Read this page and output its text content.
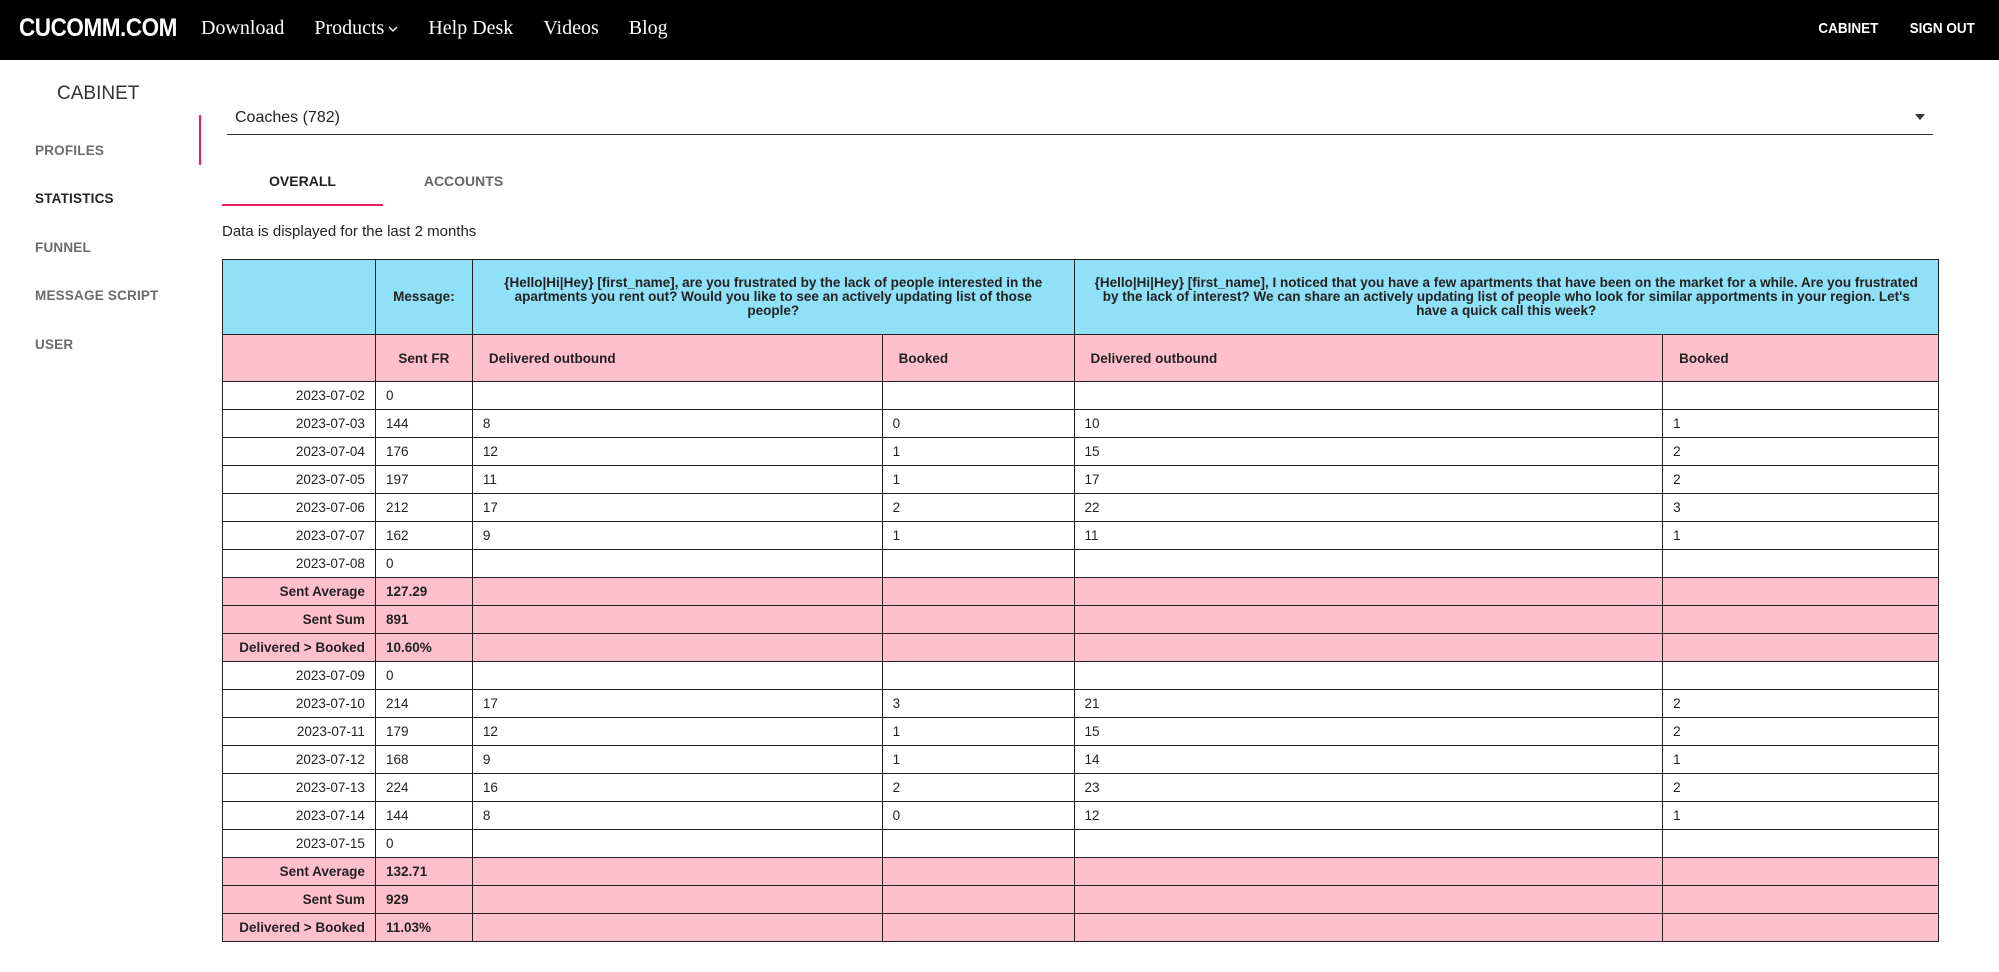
CUCOMM.COM Download Products Help Desk Videos Blog	CABINET SIGN OUT
CABINET
PROFILES
STATISTICS
FUNNEL
MESSAGE SCRIPT
USER
Coaches (782)
OVERALL	ACCOUNTS
Data is displayed for the last 2 months
	Message:	{Hello|Hi|Hey} [first_name], are you frustrated by the lack of people interested in the apartments you rent out? Would you like to see an actively updating list of those people?		{Hello|Hi|Hey} [first_name], I noticed that you have a few apartments that have been on the market for a while. Are you frustrated by the lack of interest? We can share an actively updating list of people who look for similar apportments in your region. Let's have a quick call this week?	
	Sent FR	Delivered outbound	Booked	Delivered outbound	Booked
2023-07-02	0				
2023-07-03	144	8	0	10	1
2023-07-04	176	12	1	15	2
2023-07-05	197	11	1	17	2
2023-07-06	212	17	2	22	3
2023-07-07	162	9	1	11	1
2023-07-08	0				
Sent Average	127.29				
Sent Sum	891				
Delivered > Booked	10.60%				
2023-07-09	0				
2023-07-10	214	17	3	21	2
2023-07-11	179	12	1	15	2
2023-07-12	168	9	1	14	1
2023-07-13	224	16	2	23	2
2023-07-14	144	8	0	12	1
2023-07-15	0				
Sent Average	132.71				
Sent Sum	929				
Delivered > Booked	11.03%				
